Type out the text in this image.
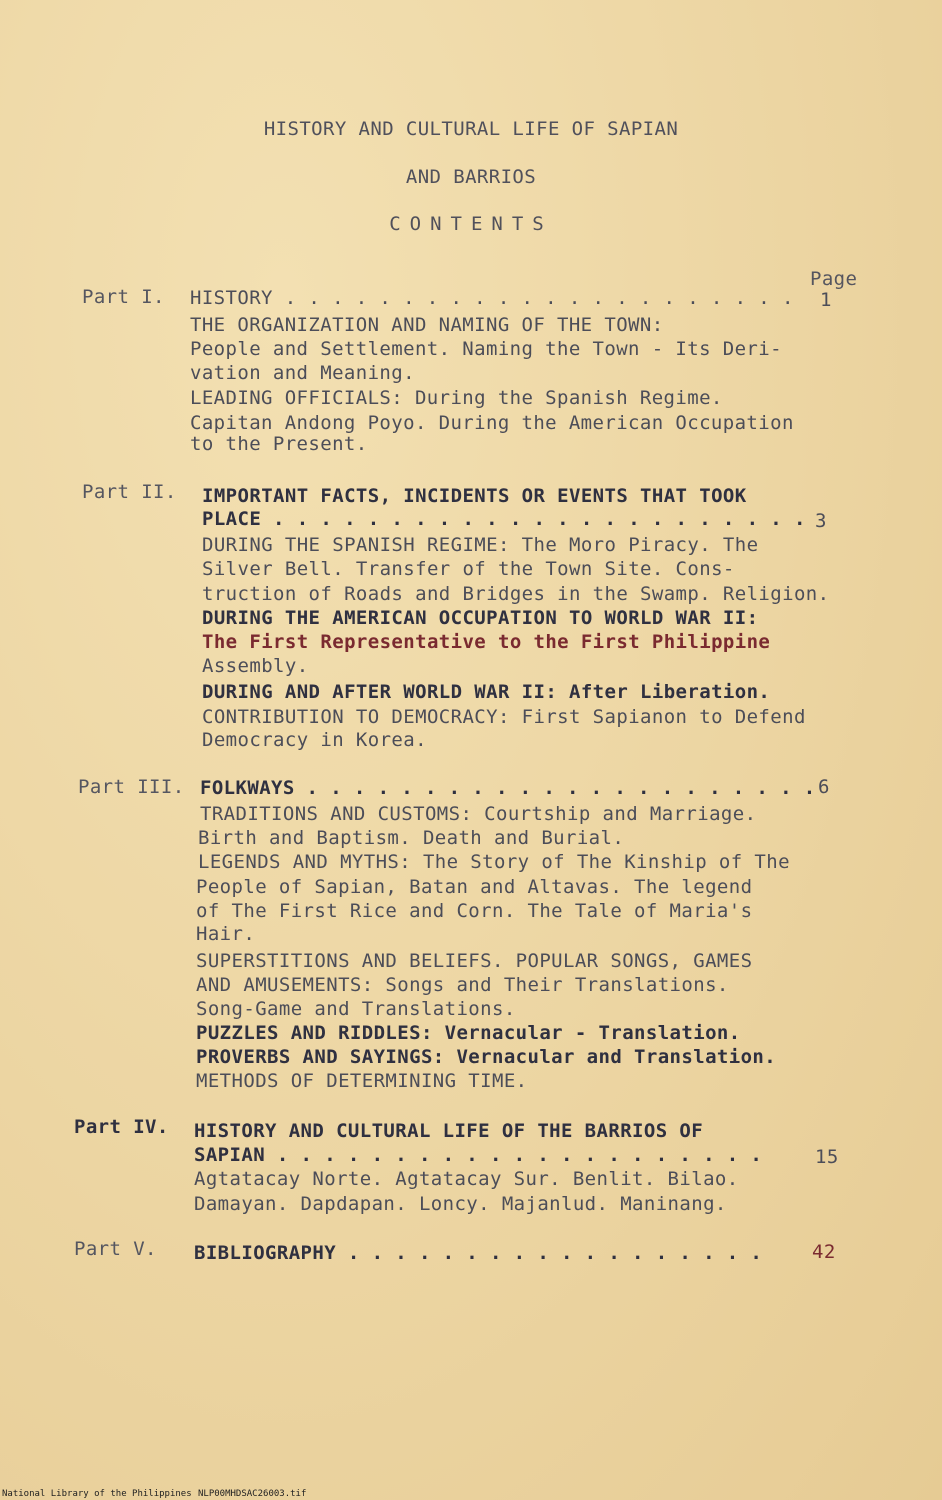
HISTORY AND CULTURAL LIFE OF SAPIAN
AND BARRIOS
CONTENTS
Page
Part I. HISTORY . . . . . . . . . . . . . . . . . . . . . . 1
THE ORGANIZATION AND NAMING OF THE TOWN:
People and Settlement. Naming the Town - Its Deri-
vation and Meaning.
LEADING OFFICIALS: During the Spanish Regime.
Capitan Andong Poyo. During the American Occupation
to the Present.
Part II. IMPORTANT FACTS, INCIDENTS OR EVENTS THAT TOOK
PLACE . . . . . . . . . . . . . . . . . . . . . . . 3
DURING THE SPANISH REGIME: The Moro Piracy. The
Silver Bell. Transfer of the Town Site. Cons-
truction of Roads and Bridges in the Swamp. Religion.
DURING THE AMERICAN OCCUPATION TO WORLD WAR II:
The First Representative to the First Philippine
Assembly.
DURING AND AFTER WORLD WAR II: After Liberation.
CONTRIBUTION TO DEMOCRACY: First Sapianon to Defend
Democracy in Korea.
Part III. FOLKWAYS . . . . . . . . . . . . . . . . . . . . . . 6
TRADITIONS AND CUSTOMS: Courtship and Marriage.
Birth and Baptism. Death and Burial.
LEGENDS AND MYTHS: The Story of The Kinship of The
People of Sapian, Batan and Altavas. The legend
of The First Rice and Corn. The Tale of Maria's
Hair.
SUPERSTITIONS AND BELIEFS. POPULAR SONGS, GAMES
AND AMUSEMENTS: Songs and Their Translations.
Song-Game and Translations.
PUZZLES AND RIDDLES: Vernacular - Translation.
PROVERBS AND SAYINGS: Vernacular and Translation.
METHODS OF DETERMINING TIME.
Part IV. HISTORY AND CULTURAL LIFE OF THE BARRIOS OF
SAPIAN . . . . . . . . . . . . . . . . . . . . .	15
Agtatacay Norte. Agtatacay Sur. Benlit. Bilao.
Damayan. Dapdapan. Loncy. Majanlud. Maninang.
Part V. BIBLIOGRAPHY . . . . . . . . . . . . . . . . . .	42
National Library of the Philippines NLP00MHDSAC26003.tif
